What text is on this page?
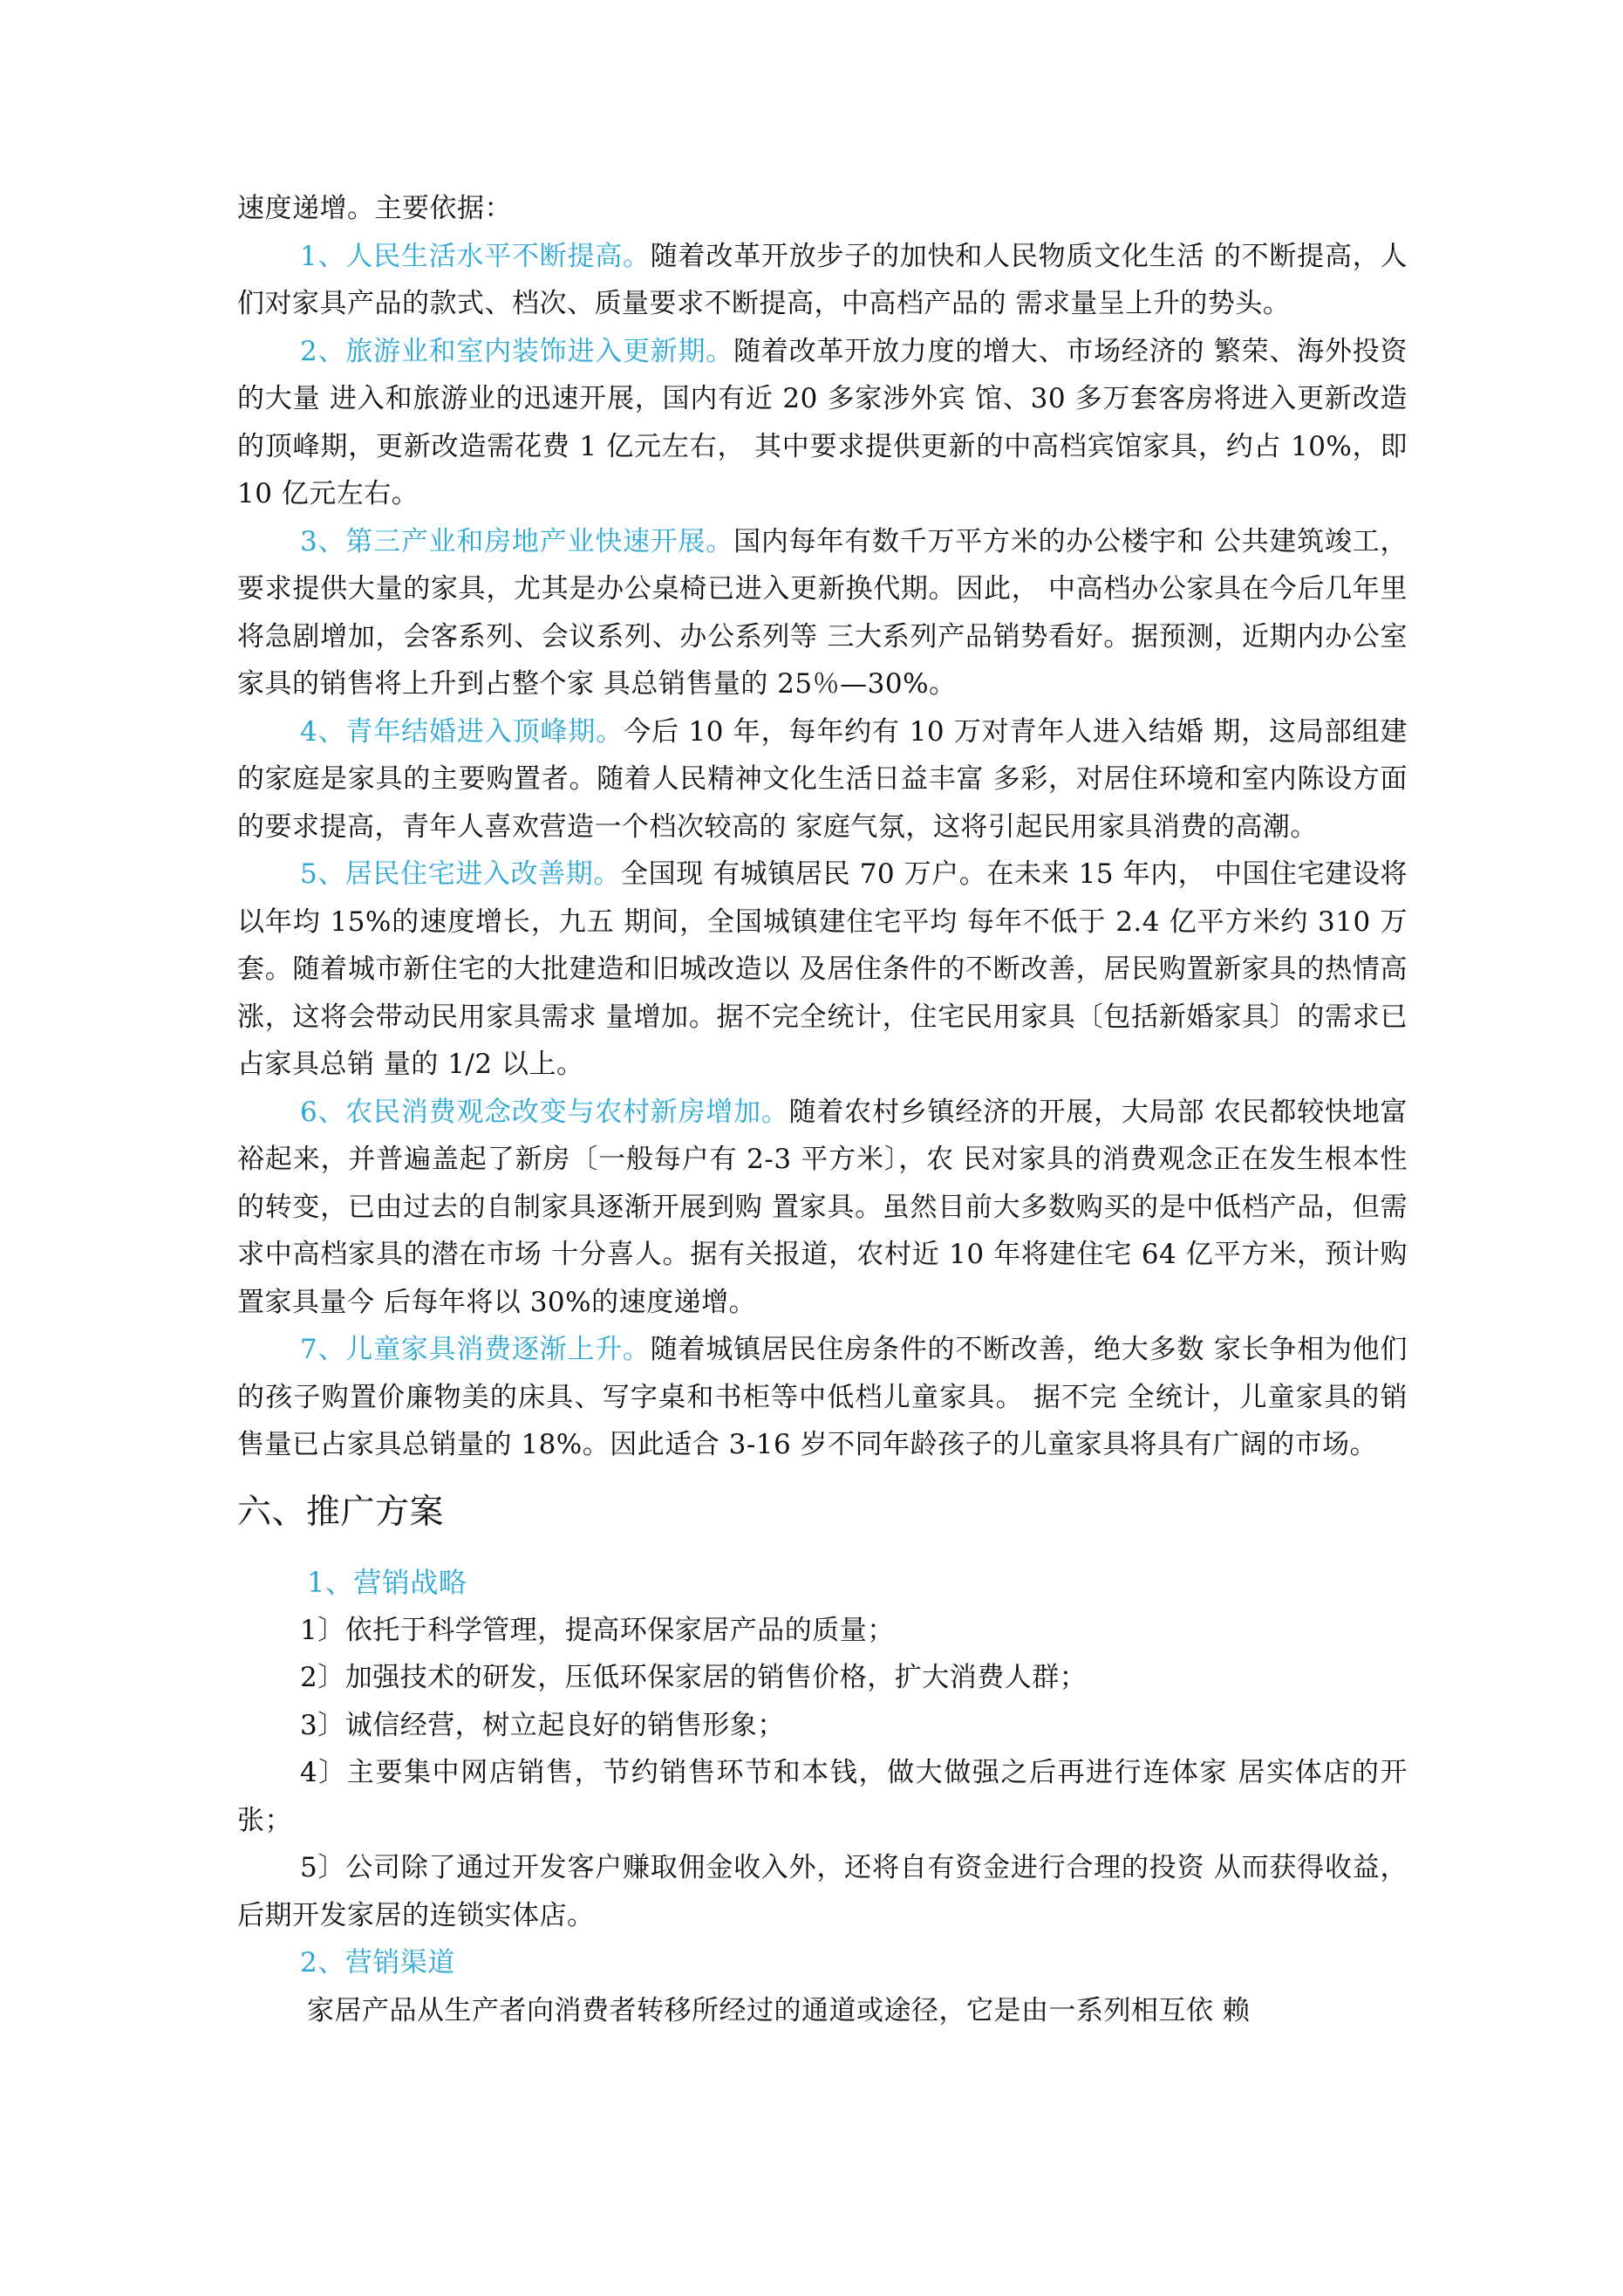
速度递增。主要依据：

1、人民生活水平不断提高。随着改革开放步子的加快和人民物质文化生活 的不断提高，人们对家具产品的款式、档次、质量要求不断提高，中高档产品的 需求量呈上升的势头。

2、旅游业和室内装饰进入更新期。随着改革开放力度的增大、市场经济的 繁荣、海外投资的大量 进入和旅游业的迅速开展，国内有近 20 多家涉外宾 馆、30 多万套客房将进入更新改造的顶峰期，更新改造需花费 1 亿元左右， 其中要求提供更新的中高档宾馆家具，约占 10%，即 10 亿元左右。

3、第三产业和房地产业快速开展。国内每年有数千万平方米的办公楼宇和 公共建筑竣工，要求提供大量的家具，尤其是办公桌椅已进入更新换代期。因此， 中高档办公家具在今后几年里将急剧增加，会客系列、会议系列、办公系列等 三大系列产品销势看好。据预测，近期内办公室家具的销售将上升到占整个家 具总销售量的 25％—30%。

4、青年结婚进入顶峰期。今后 10 年，每年约有 10 万对青年人进入结婚 期，这局部组建的家庭是家具的主要购置者。随着人民精神文化生活日益丰富 多彩，对居住环境和室内陈设方面的要求提高，青年人喜欢营造一个档次较高的 家庭气氛，这将引起民用家具消费的高潮。

5、居民住宅进入改善期。全国现 有城镇居民 70 万户。在未来 15 年内， 中国住宅建设将以年均 15%的速度增长，九五 期间，全国城镇建住宅平均 每年不低于 2.4 亿平方米约 310 万套。随着城市新住宅的大批建造和旧城改造以 及居住条件的不断改善，居民购置新家具的热情高涨，这将会带动民用家具需求 量增加。据不完全统计，住宅民用家具〔包括新婚家具〕的需求已占家具总销 量的 1/2 以上。

6、农民消费观念改变与农村新房增加。随着农村乡镇经济的开展，大局部 农民都较快地富裕起来，并普遍盖起了新房〔一般每户有 2-3 平方米〕，农 民对家具的消费观念正在发生根本性的转变，已由过去的自制家具逐渐开展到购 置家具。虽然目前大多数购买的是中低档产品，但需求中高档家具的潜在市场 十分喜人。据有关报道，农村近 10 年将建住宅 64 亿平方米，预计购置家具量今 后每年将以 30%的速度递增。

7、儿童家具消费逐渐上升。随着城镇居民住房条件的不断改善，绝大多数 家长争相为他们的孩子购置价廉物美的床具、写字桌和书柜等中低档儿童家具。 据不完 全统计，儿童家具的销售量已占家具总销量的 18%。因此适合 3-16 岁不同年龄孩子的儿童家具将具有广阔的市场。

六、推广方案

1、营销战略

1〕依托于科学管理，提高环保家居产品的质量；

2〕加强技术的研发，压低环保家居的销售价格，扩大消费人群；

3〕诚信经营，树立起良好的销售形象；

4〕主要集中网店销售，节约销售环节和本钱，做大做强之后再进行连体家 居实体店的开张；

5〕公司除了通过开发客户赚取佣金收入外，还将自有资金进行合理的投资 从而获得收益，后期开发家居的连锁实体店。

2、营销渠道

家居产品从生产者向消费者转移所经过的通道或途径，它是由一系列相互依 赖
